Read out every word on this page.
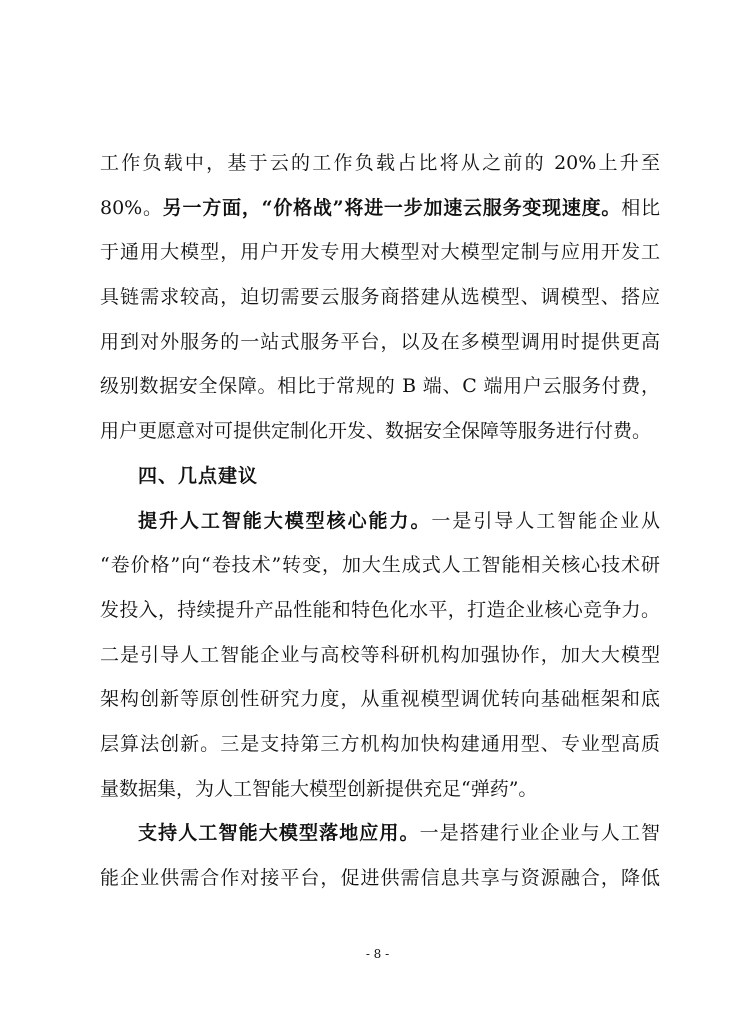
工作负载中，基于云的工作负载占比将从之前的 20%上升至
80%。另一方面，“价格战”将进一步加速云服务变现速度。相比
于通用大模型，用户开发专用大模型对大模型定制与应用开发工
具链需求较高，迫切需要云服务商搭建从选模型、调模型、搭应
用到对外服务的一站式服务平台，以及在多模型调用时提供更高
级别数据安全保障。相比于常规的 B 端、C 端用户云服务付费，
用户更愿意对可提供定制化开发、数据安全保障等服务进行付费。
四、几点建议
提升人工智能大模型核心能力。一是引导人工智能企业从
“卷价格”向“卷技术”转变，加大生成式人工智能相关核心技术研
发投入，持续提升产品性能和特色化水平，打造企业核心竞争力。
二是引导人工智能企业与高校等科研机构加强协作，加大大模型
架构创新等原创性研究力度，从重视模型调优转向基础框架和底
层算法创新。三是支持第三方机构加快构建通用型、专业型高质
量数据集，为人工智能大模型创新提供充足“弹药”。
支持人工智能大模型落地应用。一是搭建行业企业与人工智
能企业供需合作对接平台，促进供需信息共享与资源融合，降低
- 8 -
